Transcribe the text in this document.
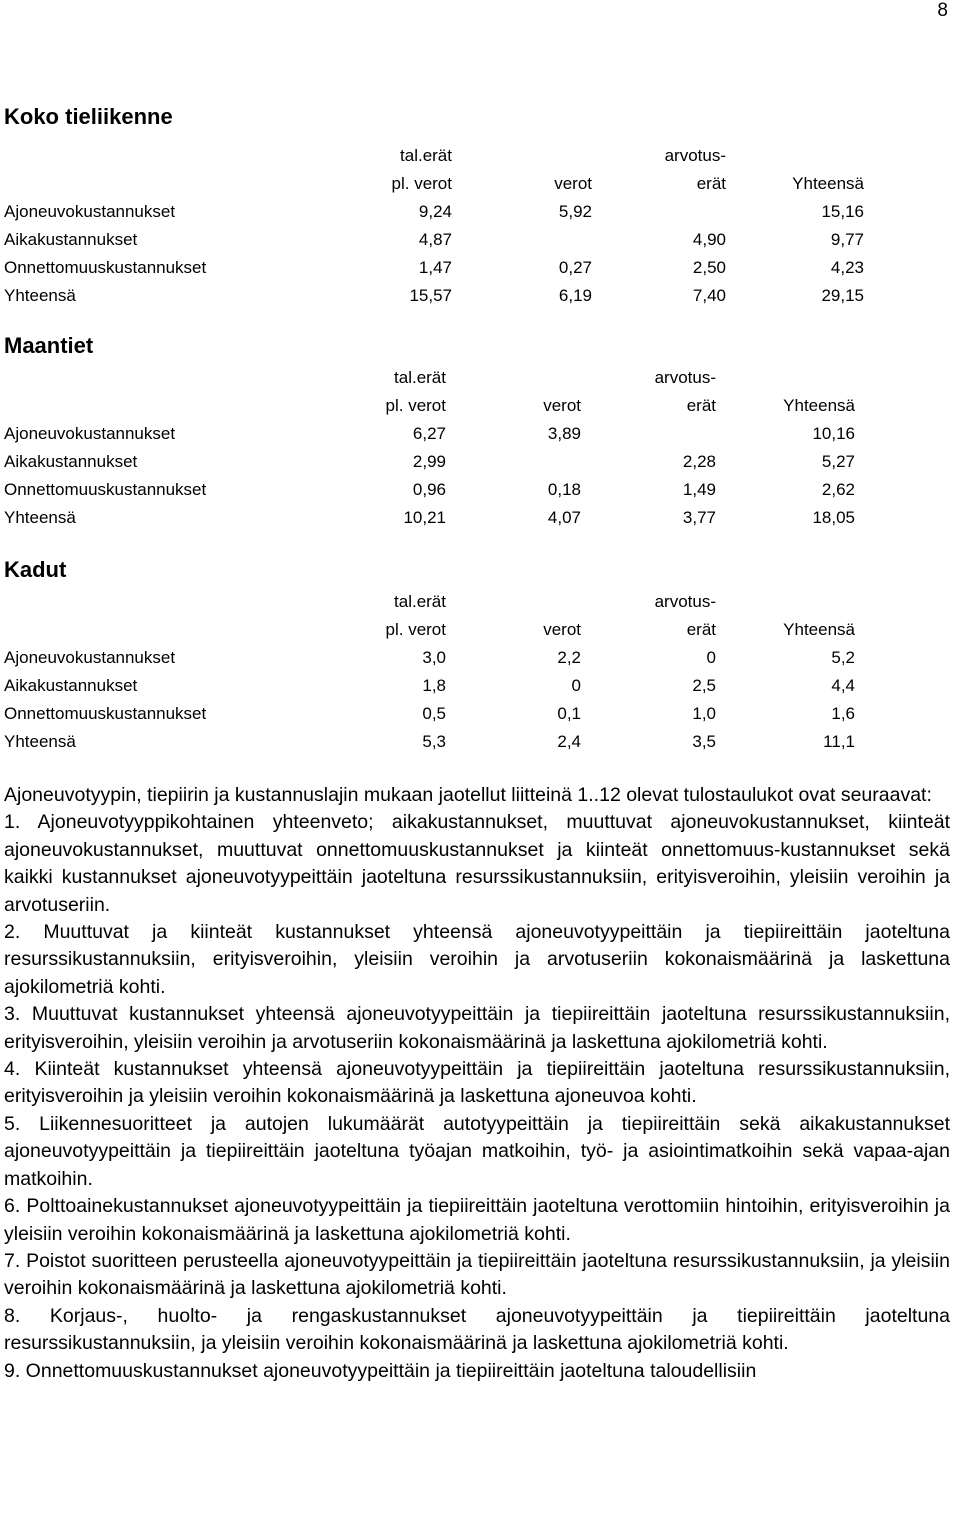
8
Koko tieliikenne
	tal.erät		arvotus-	
	pl. verot	verot	erät	Yhteensä
Ajoneuvokustannukset	9,24	5,92		15,16
Aikakustannukset	4,87		4,90	9,77
Onnettomuuskustannukset	1,47	0,27	2,50	4,23
Yhteensä	15,57	6,19	7,40	29,15
Maantiet
	tal.erät		arvotus-	
	pl. verot	verot	erät	Yhteensä
Ajoneuvokustannukset	6,27	3,89		10,16
Aikakustannukset	2,99		2,28	5,27
Onnettomuuskustannukset	0,96	0,18	1,49	2,62
Yhteensä	10,21	4,07	3,77	18,05
Kadut
	tal.erät		arvotus-	
	pl. verot	verot	erät	Yhteensä
Ajoneuvokustannukset	3,0	2,2	0	5,2
Aikakustannukset	1,8	0	2,5	4,4
Onnettomuuskustannukset	0,5	0,1	1,0	1,6
Yhteensä	5,3	2,4	3,5	11,1

Ajoneuvotyypin, tiepiirin ja kustannuslajin mukaan jaotellut liitteinä 1..12 olevat tulostaulukot ovat seuraavat:

1. Ajoneuvotyyppikohtainen yhteenveto; aikakustannukset, muuttuvat ajoneuvokustannukset, kiinteät ajoneuvokustannukset, muuttuvat onnettomuuskustannukset ja kiinteät onnettomuus-kustannukset sekä kaikki kustannukset ajoneuvotyypeittäin jaoteltuna resurssikustannuksiin, erityisveroihin, yleisiin veroihin ja arvotuseriin.

2. Muuttuvat ja kiinteät kustannukset yhteensä ajoneuvotyypeittäin ja tiepiireittäin jaoteltuna resurssikustannuksiin, erityisveroihin, yleisiin veroihin ja arvotuseriin kokonaismäärinä ja laskettuna ajokilometriä kohti.

3. Muuttuvat kustannukset yhteensä ajoneuvotyypeittäin ja tiepiireittäin jaoteltuna resurssikustannuksiin, erityisveroihin, yleisiin veroihin ja arvotuseriin kokonaismäärinä ja laskettuna ajokilometriä kohti.

4. Kiinteät kustannukset yhteensä ajoneuvotyypeittäin ja tiepiireittäin jaoteltuna resurssikustannuksiin, erityisveroihin ja yleisiin veroihin kokonaismäärinä ja laskettuna ajoneuvoa kohti.

5. Liikennesuoritteet ja autojen lukumäärät autotyypeittäin ja tiepiireittäin sekä aikakustannukset ajoneuvotyypeittäin ja tiepiireittäin jaoteltuna työajan matkoihin, työ- ja asiointimatkoihin sekä vapaa-ajan matkoihin.

6. Polttoainekustannukset ajoneuvotyypeittäin ja tiepiireittäin jaoteltuna verottomiin hintoihin, erityisveroihin ja yleisiin veroihin kokonaismäärinä ja laskettuna ajokilometriä kohti.

7. Poistot suoritteen perusteella ajoneuvotyypeittäin ja tiepiireittäin jaoteltuna resurssikustannuksiin, ja yleisiin veroihin kokonaismäärinä ja laskettuna ajokilometriä kohti.

8. Korjaus-, huolto- ja rengaskustannukset ajoneuvotyypeittäin ja tiepiireittäin jaoteltuna resurssikustannuksiin, ja yleisiin veroihin kokonaismäärinä ja laskettuna ajokilometriä kohti.

9. Onnettomuuskustannukset ajoneuvotyypeittäin ja tiepiireittäin jaoteltuna taloudellisiin
